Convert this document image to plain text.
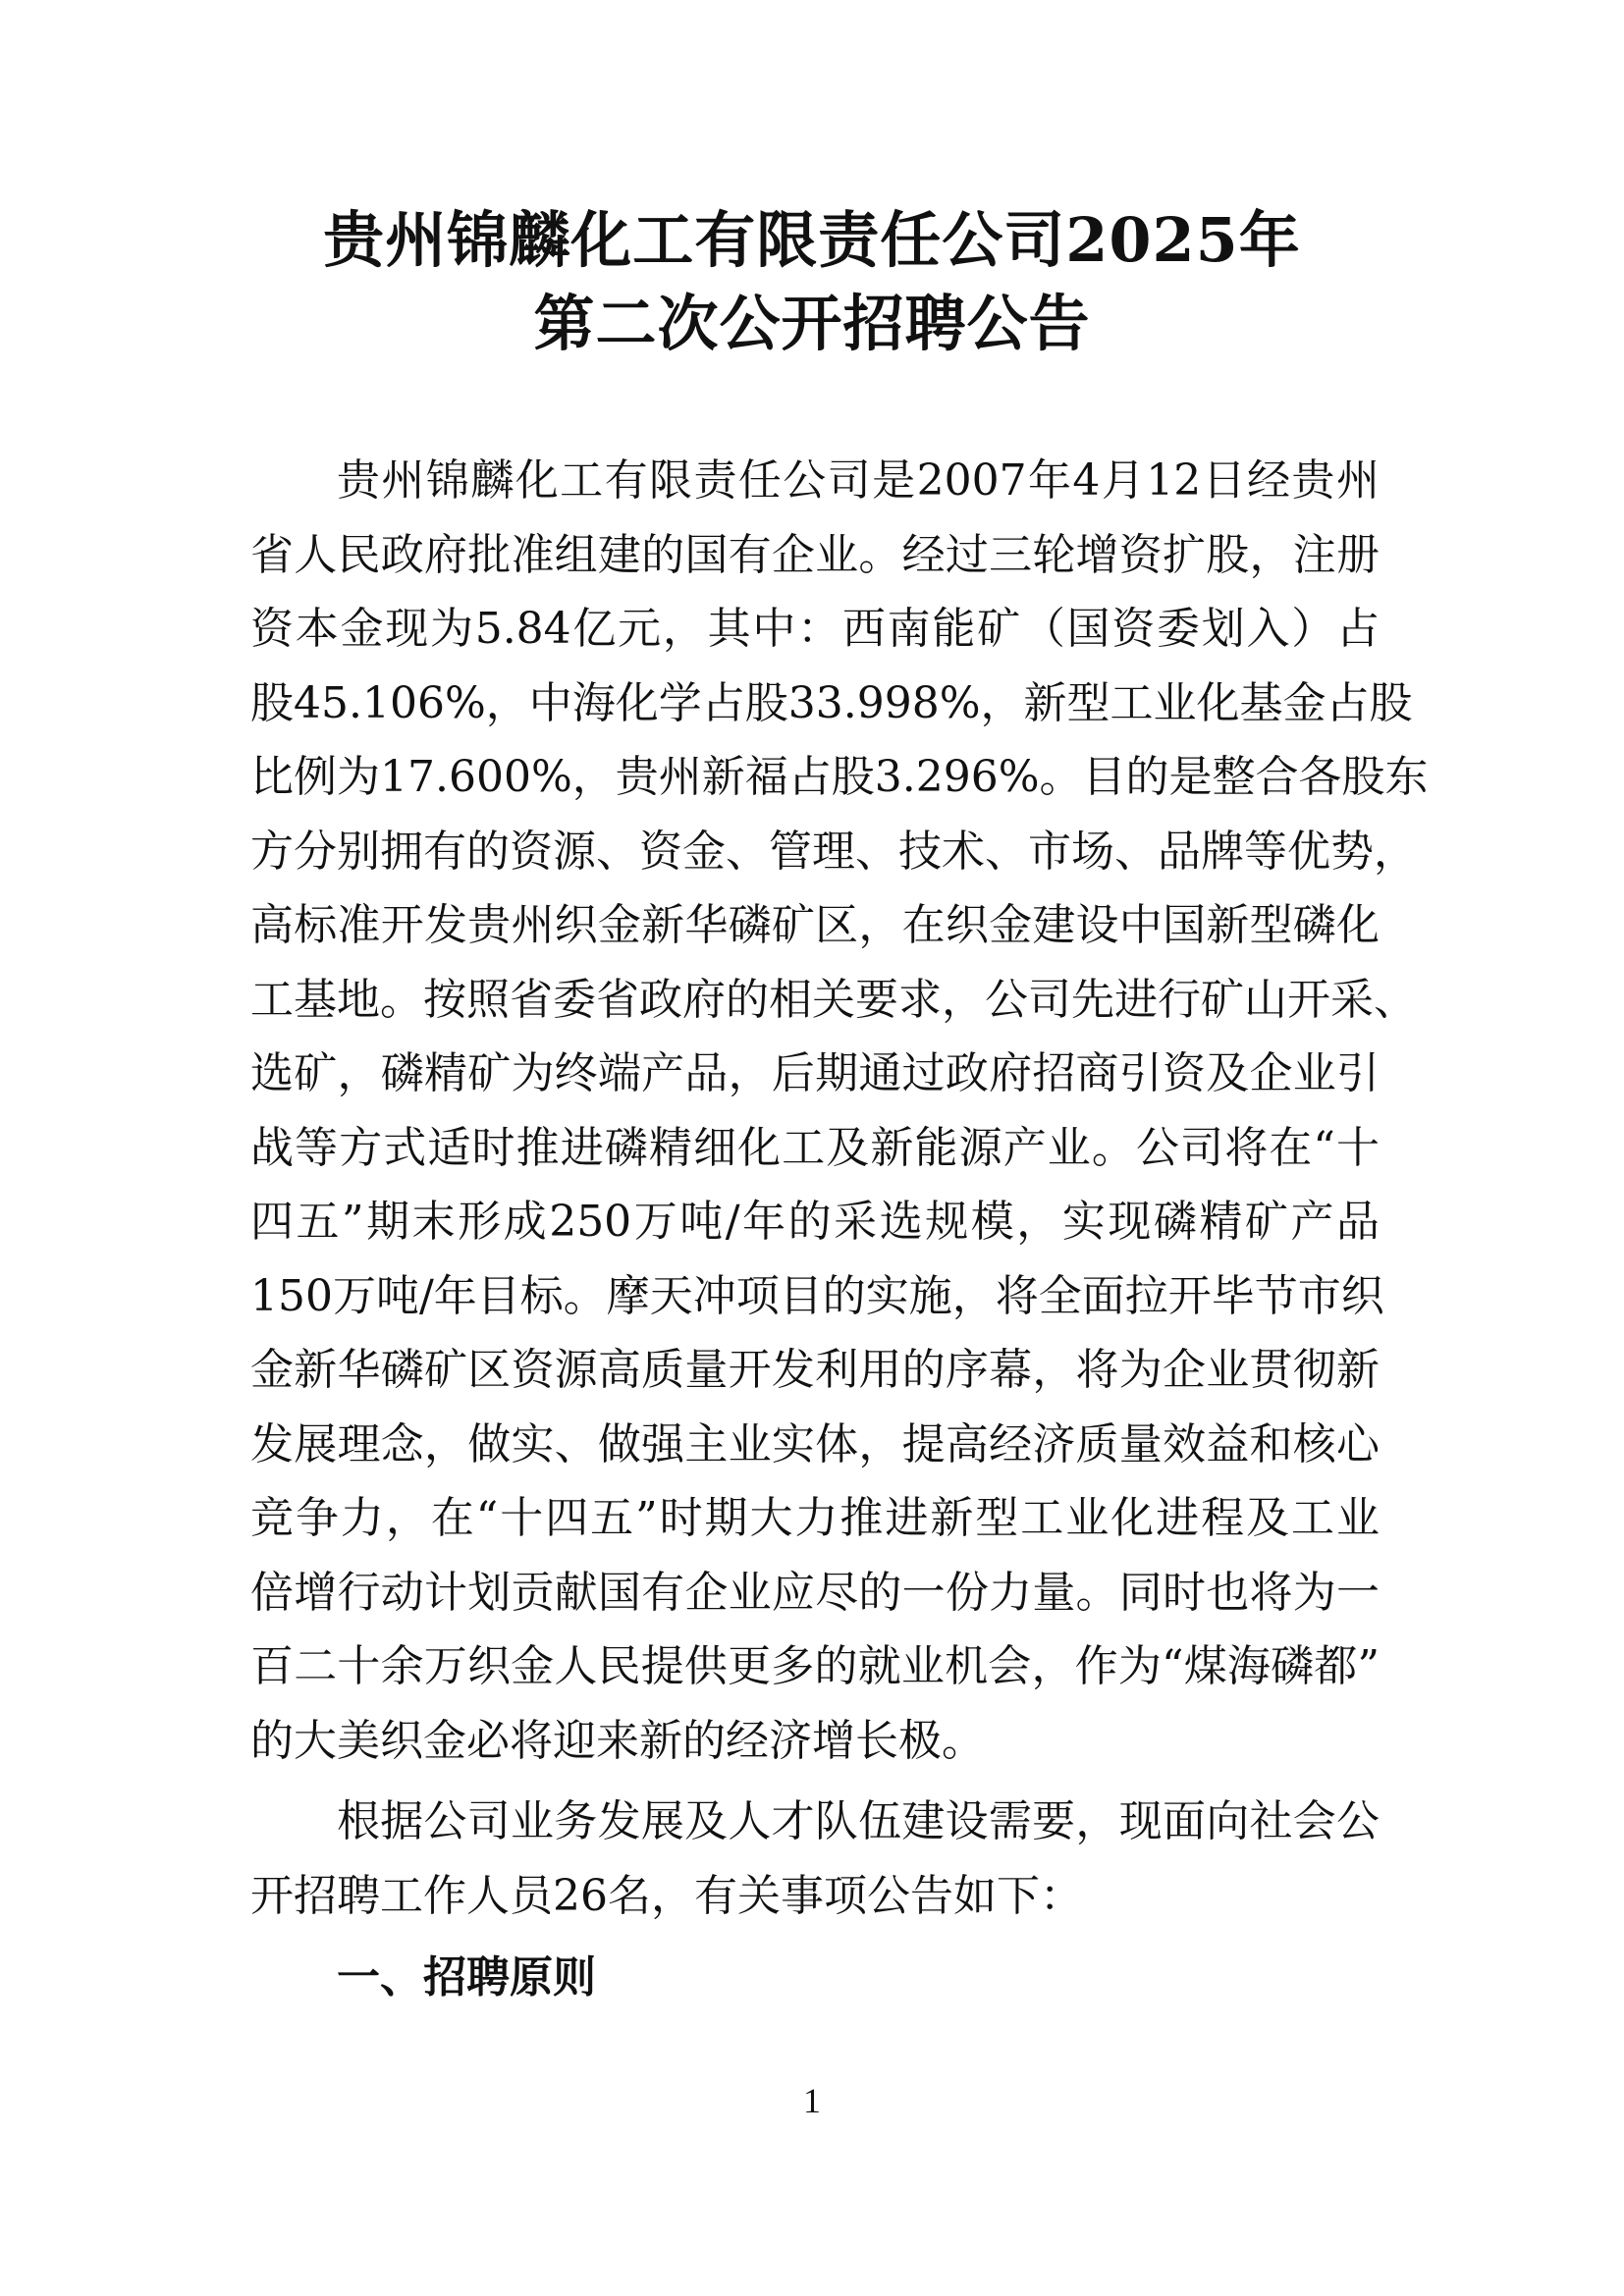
贵州锦麟化工有限责任公司2025年
第二次公开招聘公告
贵州锦麟化工有限责任公司是2007年4月12日经贵州
省人民政府批准组建的国有企业。经过三轮增资扩股，注册
资本金现为5.84亿元，其中：西南能矿（国资委划入）占
股45.106%，中海化学占股33.998%，新型工业化基金占股
比例为17.600%，贵州新福占股3.296%。目的是整合各股东
方分别拥有的资源、资金、管理、技术、市场、品牌等优势，
高标准开发贵州织金新华磷矿区，在织金建设中国新型磷化
工基地。按照省委省政府的相关要求，公司先进行矿山开采、
选矿，磷精矿为终端产品，后期通过政府招商引资及企业引
战等方式适时推进磷精细化工及新能源产业。公司将在“十
四五”期末形成250万吨/年的采选规模，实现磷精矿产品
150万吨/年目标。摩天冲项目的实施，将全面拉开毕节市织
金新华磷矿区资源高质量开发利用的序幕，将为企业贯彻新
发展理念，做实、做强主业实体，提高经济质量效益和核心
竞争力，在“十四五”时期大力推进新型工业化进程及工业
倍增行动计划贡献国有企业应尽的一份力量。同时也将为一
百二十余万织金人民提供更多的就业机会，作为“煤海磷都”
的大美织金必将迎来新的经济增长极。
根据公司业务发展及人才队伍建设需要，现面向社会公
开招聘工作人员26名，有关事项公告如下：
一、招聘原则
1
